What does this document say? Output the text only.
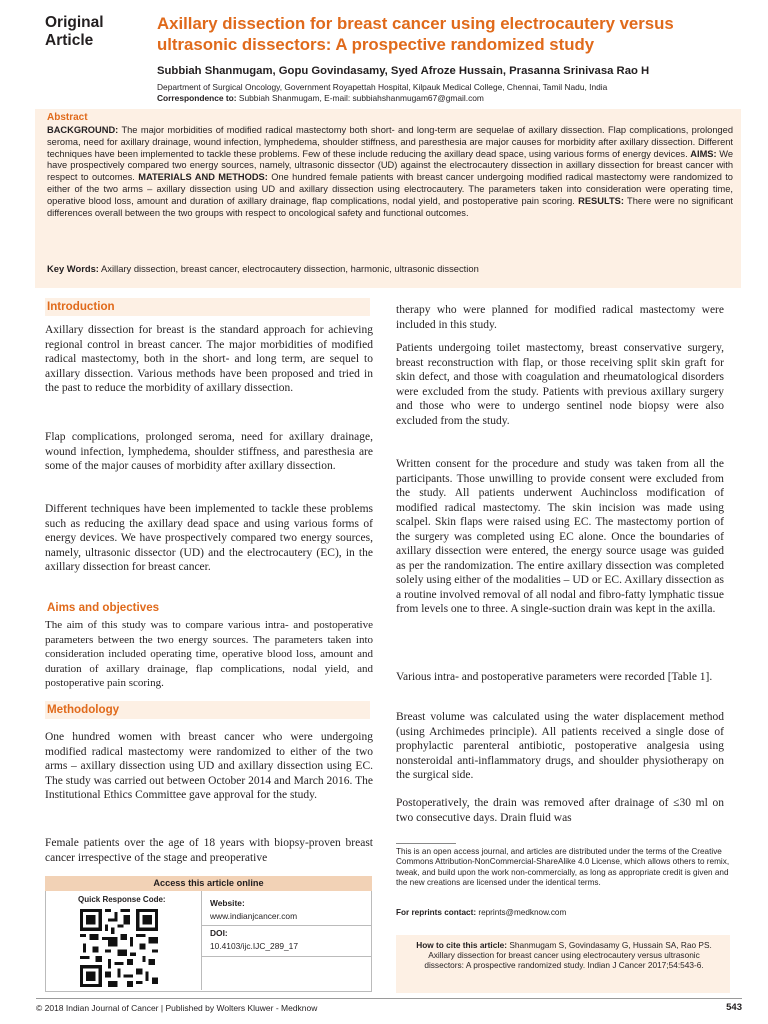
Original Article
Axillary dissection for breast cancer using electrocautery versus ultrasonic dissectors: A prospective randomized study
Subbiah Shanmugam, Gopu Govindasamy, Syed Afroze Hussain, Prasanna Srinivasa Rao H
Department of Surgical Oncology, Government Royapettah Hospital, Kilpauk Medical College, Chennai, Tamil Nadu, India
Correspondence to: Subbiah Shanmugam, E-mail: subbiahshanmugam67@gmail.com
Abstract
BACKGROUND: The major morbidities of modified radical mastectomy both short- and long-term are sequelae of axillary dissection. Flap complications, prolonged seroma, need for axillary drainage, wound infection, lymphedema, shoulder stiffness, and paresthesia are major causes for morbidity after axillary dissection. Different techniques have been implemented to tackle these problems. Few of these include reducing the axillary dead space, using various forms of energy devices. AIMS: We have prospectively compared two energy sources, namely, ultrasonic dissector (UD) against the electrocautery dissection in axillary dissection for breast cancer with respect to outcomes. MATERIALS AND METHODS: One hundred female patients with breast cancer undergoing modified radical mastectomy were randomized to either of the two arms – axillary dissection using UD and axillary dissection using electrocautery. The parameters taken into consideration were operating time, operative blood loss, amount and duration of axillary drainage, flap complications, nodal yield, and postoperative pain scoring. RESULTS: There were no significant differences overall between the two groups with respect to oncological safety and functional outcomes.
Key Words: Axillary dissection, breast cancer, electrocautery dissection, harmonic, ultrasonic dissection
Introduction
Axillary dissection for breast is the standard approach for achieving regional control in breast cancer. The major morbidities of modified radical mastectomy, both in the short- and long term, are sequel to axillary dissection. Various methods have been proposed and tried in the past to reduce the morbidity of axillary dissection.
Flap complications, prolonged seroma, need for axillary drainage, wound infection, lymphedema, shoulder stiffness, and paresthesia are some of the major causes of morbidity after axillary dissection.
Different techniques have been implemented to tackle these problems such as reducing the axillary dead space and using various forms of energy devices. We have prospectively compared two energy sources, namely, ultrasonic dissector (UD) and the electrocautery (EC), in the axillary dissection for breast cancer.
Aims and objectives
The aim of this study was to compare various intra- and postoperative parameters between the two energy sources. The parameters taken into consideration included operating time, operative blood loss, amount and duration of axillary drainage, flap complications, nodal yield, and postoperative pain scoring.
Methodology
One hundred women with breast cancer who were undergoing modified radical mastectomy were randomized to either of the two arms – axillary dissection using UD and axillary dissection using EC. The study was carried out between October 2014 and March 2016. The Institutional Ethics Committee gave approval for the study.
Female patients over the age of 18 years with biopsy-proven breast cancer irrespective of the stage and preoperative
therapy who were planned for modified radical mastectomy were included in this study.
Patients undergoing toilet mastectomy, breast conservative surgery, breast reconstruction with flap, or those receiving split skin graft for skin defect, and those with coagulation and rheumatological disorders were excluded from the study. Patients with previous axillary surgery and those who were to undergo sentinel node biopsy were also excluded from the study.
Written consent for the procedure and study was taken from all the participants. Those unwilling to provide consent were excluded from the study. All patients underwent Auchincloss modification of modified radical mastectomy. The skin incision was made using scalpel. Skin flaps were raised using EC. The mastectomy portion of the surgery was completed using EC alone. Once the boundaries of axillary dissection were entered, the energy source usage was guided as per the randomization. The entire axillary dissection was completed solely using either of the modalities – UD or EC. Axillary dissection as a routine involved removal of all nodal and fibro-fatty lymphatic tissue from levels one to three. A single-suction drain was kept in the axilla.
Various intra- and postoperative parameters were recorded [Table 1].
Breast volume was calculated using the water displacement method (using Archimedes principle). All patients received a single dose of prophylactic parenteral antibiotic, postoperative analgesia using nonsteroidal anti-inflammatory drugs, and shoulder physiotherapy on the surgical side.
Postoperatively, the drain was removed after drainage of ≤30 ml on two consecutive days. Drain fluid was
Access this article online
Quick Response Code:	Website:
www.indianjcancer.com
DOI:
10.4103/ijc.IJC_289_17
This is an open access journal, and articles are distributed under the terms of the Creative Commons Attribution-NonCommercial-ShareAlike 4.0 License, which allows others to remix, tweak, and build upon the work non-commercially, as long as appropriate credit is given and the new creations are licensed under the identical terms.
For reprints contact: reprints@medknow.com
How to cite this article: Shanmugam S, Govindasamy G, Hussain SA, Rao PS. Axillary dissection for breast cancer using electrocautery versus ultrasonic dissectors: A prospective randomized study. Indian J Cancer 2017;54:543-6.
© 2018 Indian Journal of Cancer | Published by Wolters Kluwer - Medknow	543
